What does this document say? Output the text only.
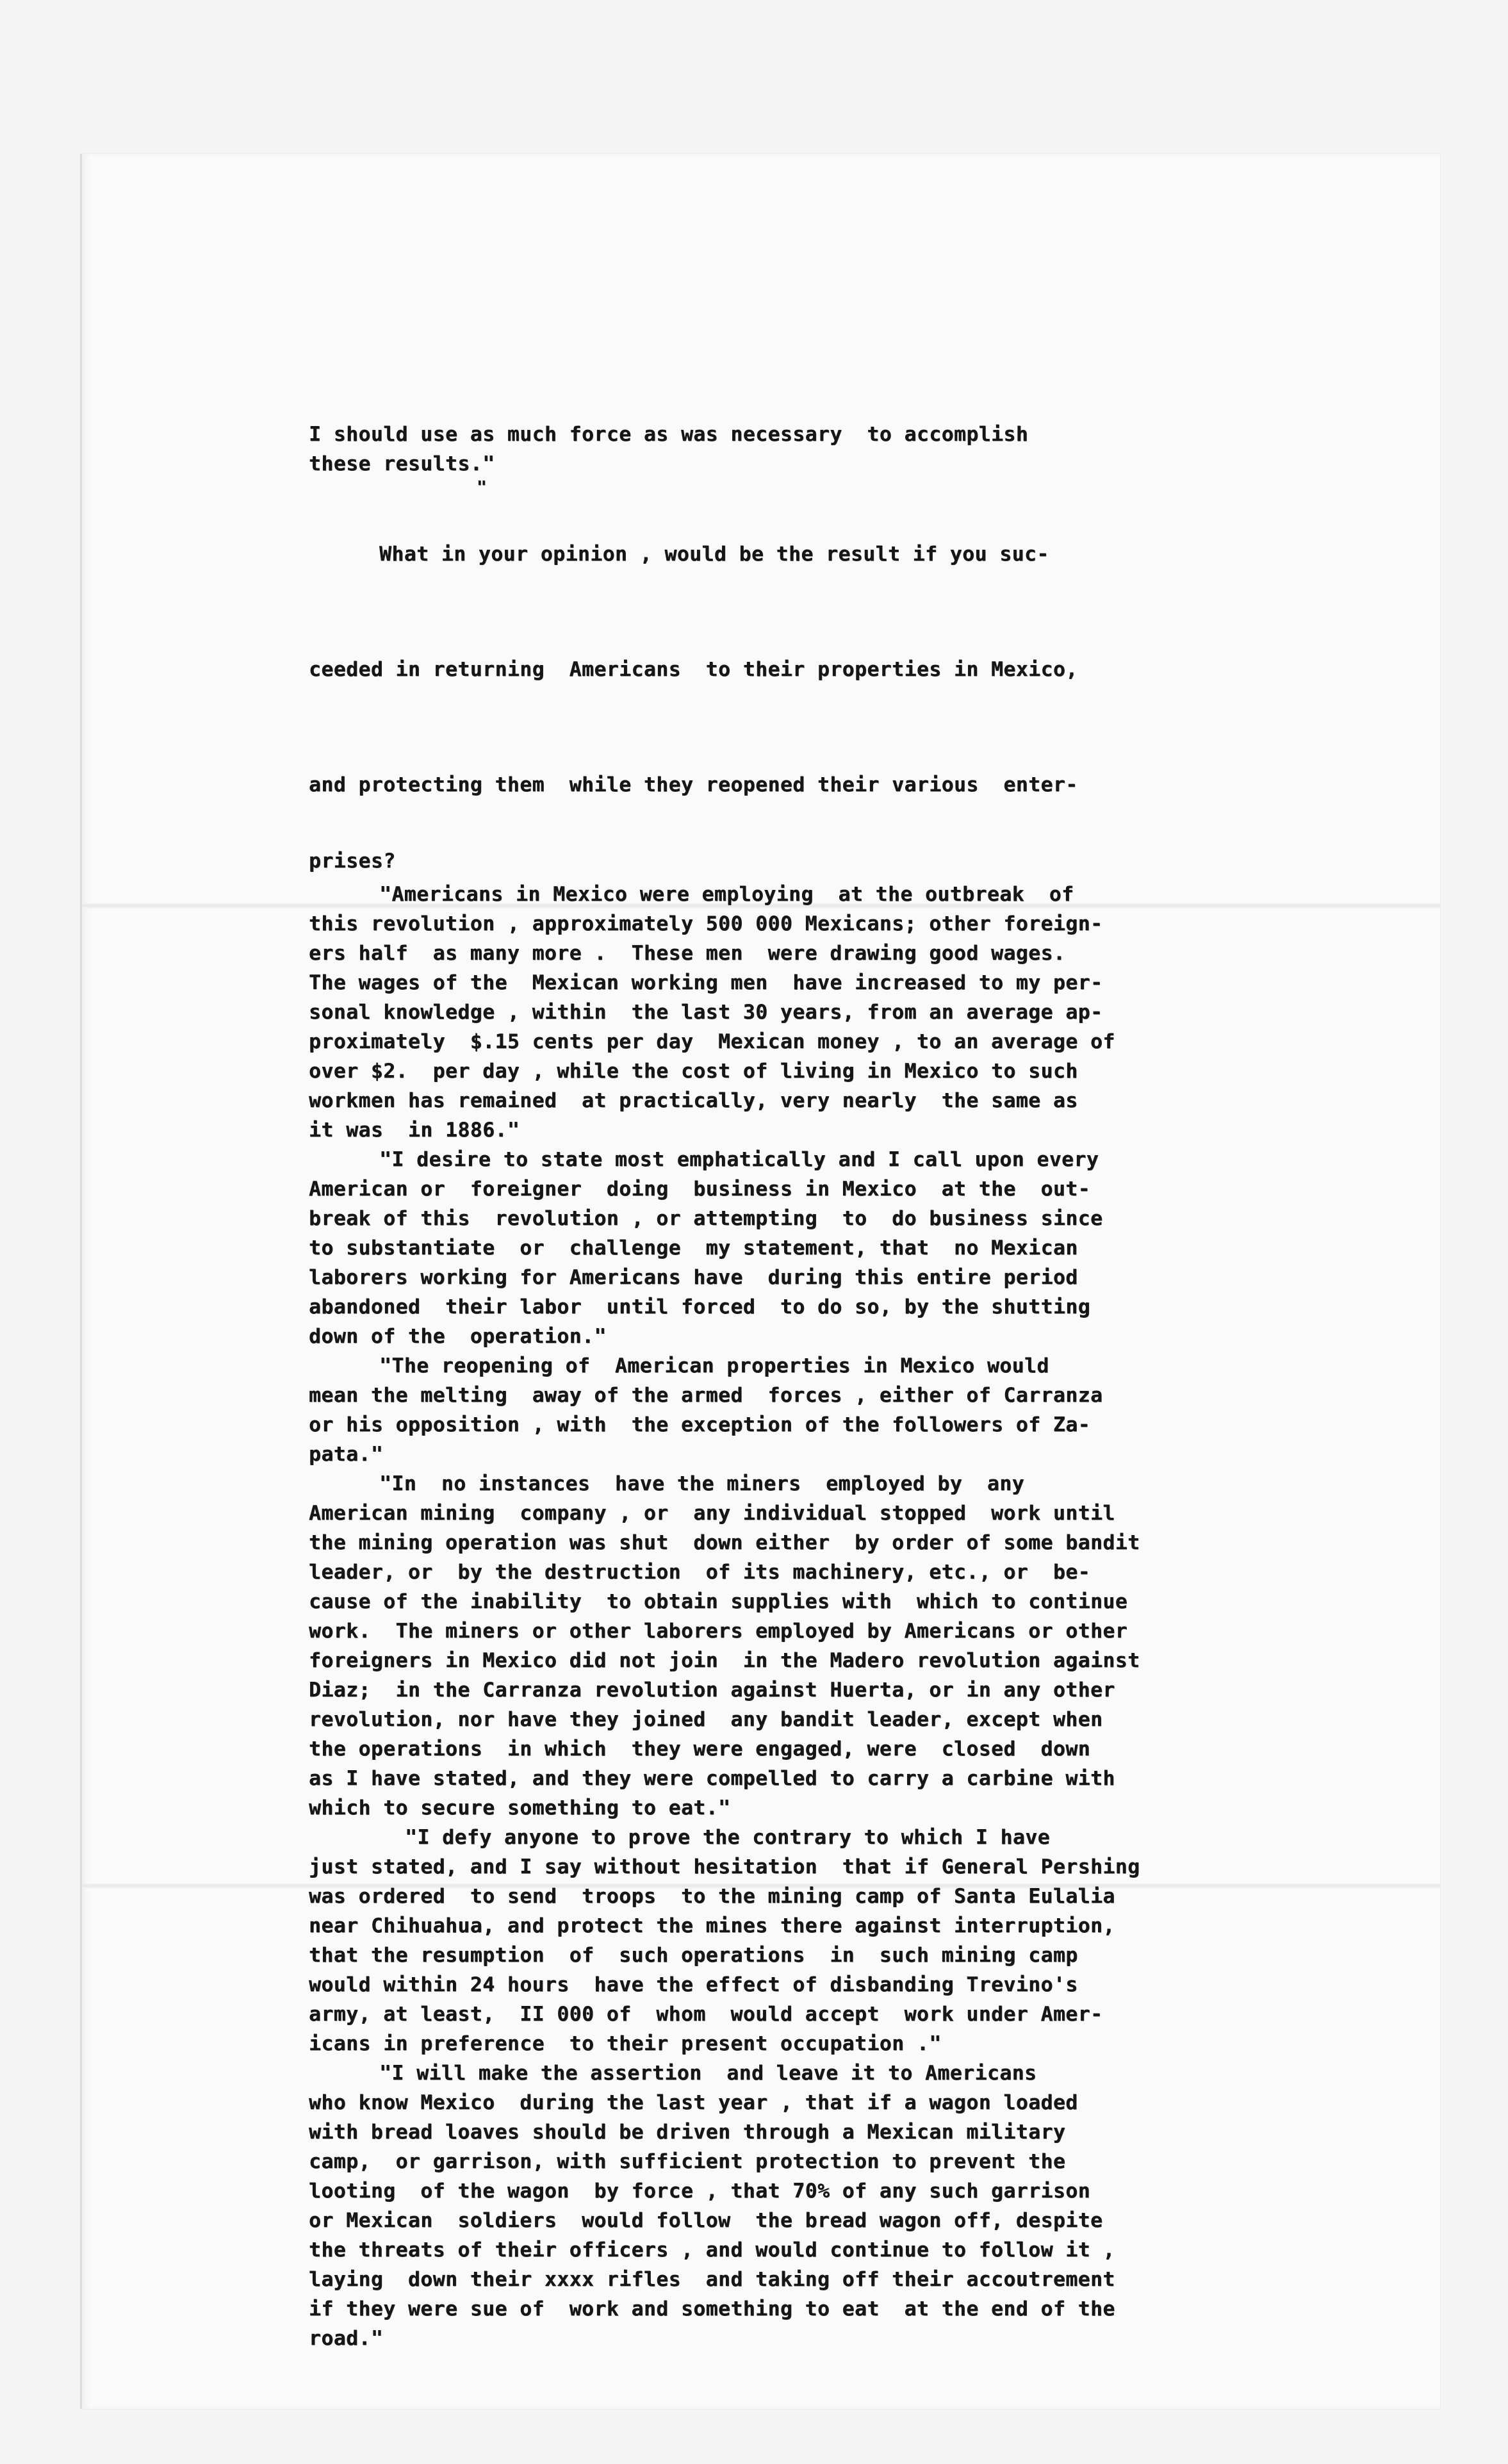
I should use as much force as was necessary  to accomplish
these results."
"
What in your opinion , would be the result if you suc-
ceeded in returning  Americans  to their properties in Mexico,
and protecting them  while they reopened their various  enter-
prises?
"Americans in Mexico were employing  at the outbreak  of
this revolution , approximately 500 000 Mexicans; other foreign-
ers half  as many more .  These men  were drawing good wages.
The wages of the  Mexican working men  have increased to my per-
sonal knowledge , within  the last 30 years, from an average ap-
proximately  $.15 cents per day  Mexican money , to an average of
over $2.  per day , while the cost of living in Mexico to such
workmen has remained  at practically, very nearly  the same as
it was  in 1886."
"I desire to state most emphatically and I call upon every
American or  foreigner  doing  business in Mexico  at the  out-
break of this  revolution , or attempting  to  do business since
to substantiate  or  challenge  my statement, that  no Mexican
laborers working for Americans have  during this entire period
abandoned  their labor  until forced  to do so, by the shutting
down of the  operation."
"The reopening of  American properties in Mexico would
mean the melting  away of the armed  forces , either of Carranza
or his opposition , with  the exception of the followers of Za-
pata."
"In  no instances  have the miners  employed by  any
American mining  company , or  any individual stopped  work until
the mining operation was shut  down either  by order of some bandit
leader, or  by the destruction  of its machinery, etc., or  be-
cause of the inability  to obtain supplies with  which to continue
work.  The miners or other laborers employed by Americans or other
foreigners in Mexico did not join  in the Madero revolution against
Diaz;  in the Carranza revolution against Huerta, or in any other
revolution, nor have they joined  any bandit leader, except when
the operations  in which  they were engaged, were  closed  down
as I have stated, and they were compelled to carry a carbine with
which to secure something to eat."
"I defy anyone to prove the contrary to which I have
just stated, and I say without hesitation  that if General Pershing
was ordered  to send  troops  to the mining camp of Santa Eulalia
near Chihuahua, and protect the mines there against interruption,
that the resumption  of  such operations  in  such mining camp
would within 24 hours  have the effect of disbanding Trevino's
army, at least,  II 000 of  whom  would accept  work under Amer-
icans in preference  to their present occupation ."
"I will make the assertion  and leave it to Americans
who know Mexico  during the last year , that if a wagon loaded
with bread loaves should be driven through a Mexican military
camp,  or garrison, with sufficient protection to prevent the
looting  of the wagon  by force , that 70% of any such garrison
or Mexican  soldiers  would follow  the bread wagon off, despite
the threats of their officers , and would continue to follow it ,
laying  down their xxxx rifles  and taking off their accoutrement
if they were sue of  work and something to eat  at the end of the
road."
